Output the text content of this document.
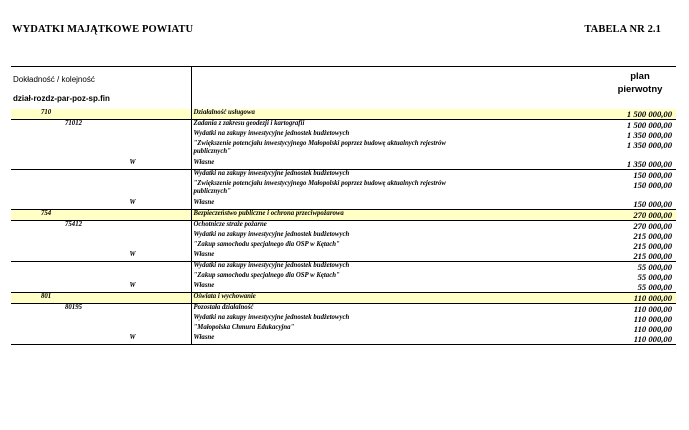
WYDATKI MAJĄTKOWE POWIATU	TABELA NR 2.1
Dokładność / kolejność
dział-rozdz-par-poz-sp.fin
plan
pierwotny
710	Działalność usługowa	1 500 000,00
71012	Zadania z zakresu geodezji i kartografii	1 500 000,00
	Wydatki na zakupy inwestycyjne jednostek budżetowych	1 350 000,00
	"Zwiększenie potencjału inwestycyjnego Małopolski poprzez budowę aktualnych rejestrów publicznych"	1 350 000,00
W	Własne	1 350 000,00
	Wydatki na zakupy inwestycyjne jednostek budżetowych	150 000,00
	"Zwiększenie potencjału inwestycyjnego Małopolski poprzez budowę aktualnych rejestrów publicznych"	150 000,00
W	Własne	150 000,00
754	Bezpieczeństwo publiczne i ochrona przeciwpożarowa	270 000,00
75412	Ochotnicze straże pożarne	270 000,00
	Wydatki na zakupy inwestycyjne jednostek budżetowych	215 000,00
	"Zakup samochodu specjalnego dla OSP w Kętach"	215 000,00
W	Własne	215 000,00
	Wydatki na zakupy inwestycyjne jednostek budżetowych	55 000,00
	"Zakup samochodu specjalnego dla OSP w Kętach"	55 000,00
W	Własne	55 000,00
801	Oświata i wychowanie	110 000,00
80195	Pozostała działalność	110 000,00
	Wydatki na zakupy inwestycyjne jednostek budżetowych	110 000,00
	"Małopolska Chmura Edukacyjna"	110 000,00
W	Własne	110 000,00
